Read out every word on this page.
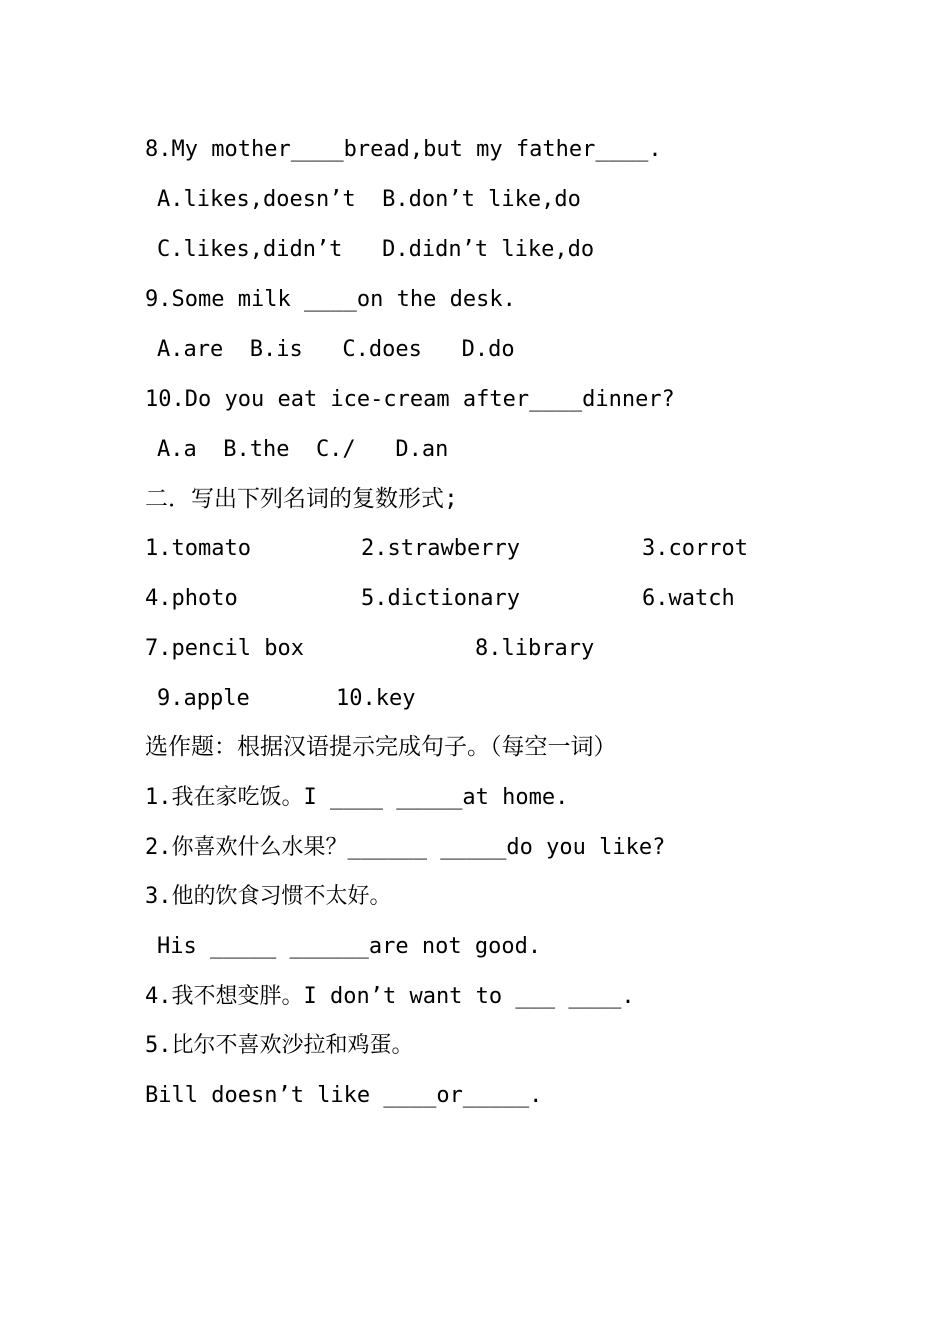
8.My mother____bread,but my father____.
A.likes,doesn’t  B.don’t like,do
C.likes,didn’t   D.didn’t like,do
9.Some milk ____on the desk.
A.are  B.is   C.does   D.do
10.Do you eat ice-cream after____dinner?
A.a  B.the  C./   D.an
二．写出下列名词的复数形式;
1.tomato	2.strawberry	3.corrot
4.photo	5.dictionary	6.watch
7.pencil box	8.library
9.apple	10.key
选作题：根据汉语提示完成句子。（每空一词）
1.我在家吃饭。I ____ _____at home.
2.你喜欢什么水果？______ _____do you like?
3.他的饮食习惯不太好。
His _____ ______are not good.
4.我不想变胖。I don’t want to ___ ____.
5.比尔不喜欢沙拉和鸡蛋。
Bill doesn’t like ____or_____.
